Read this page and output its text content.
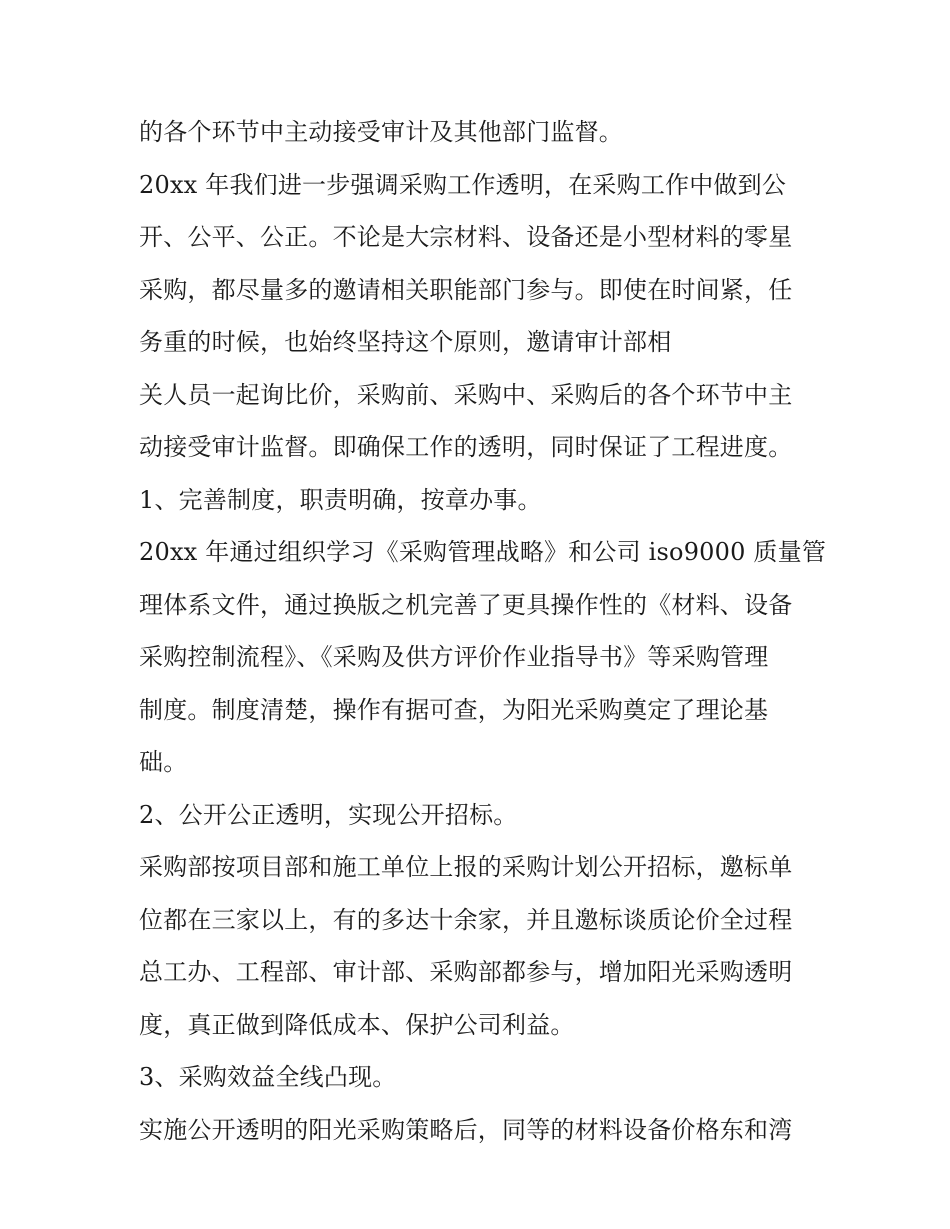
的各个环节中主动接受审计及其他部门监督。
20xx 年我们进一步强调采购工作透明，在采购工作中做到公
开、公平、公正。不论是大宗材料、设备还是小型材料的零星
采购，都尽量多的邀请相关职能部门参与。即使在时间紧，任
务重的时候，也始终坚持这个原则，邀请审计部相
关人员一起询比价，采购前、采购中、采购后的各个环节中主
动接受审计监督。即确保工作的透明，同时保证了工程进度。
1、完善制度，职责明确，按章办事。
20xx 年通过组织学习《采购管理战略》和公司 iso9000 质量管
理体系文件，通过换版之机完善了更具操作性的《材料、设备
采购控制流程》、《采购及供方评价作业指导书》等采购管理
制度。制度清楚，操作有据可查，为阳光采购奠定了理论基
础。
2、公开公正透明，实现公开招标。
采购部按项目部和施工单位上报的采购计划公开招标，邀标单
位都在三家以上，有的多达十余家，并且邀标谈质论价全过程
总工办、工程部、审计部、采购部都参与，增加阳光采购透明
度，真正做到降低成本、保护公司利益。
3、采购效益全线凸现。
实施公开透明的阳光采购策略后，同等的材料设备价格东和湾
